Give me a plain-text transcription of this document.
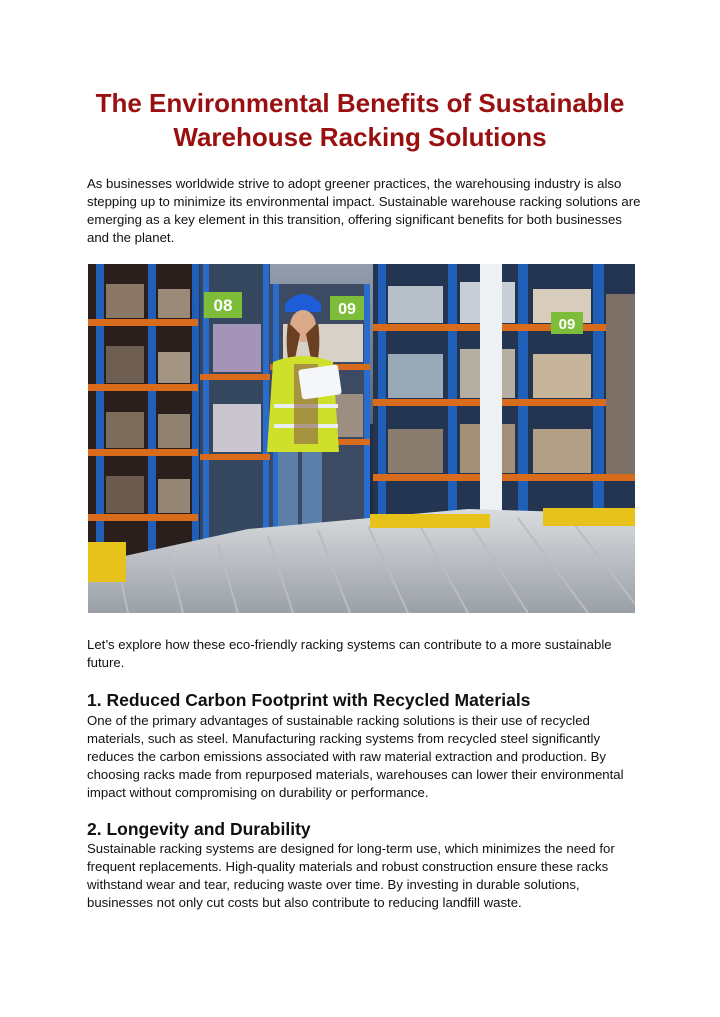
The Environmental Benefits of Sustainable
Warehouse Racking Solutions

As businesses worldwide strive to adopt greener practices, the warehousing industry is also stepping up to minimize its environmental impact. Sustainable warehouse racking solutions are emerging as a key element in this transition, offering significant benefits for both businesses and the planet.

08	09
09

Let’s explore how these eco-friendly racking systems can contribute to a more sustainable future.

1. Reduced Carbon Footprint with Recycled Materials

One of the primary advantages of sustainable racking solutions is their use of recycled materials, such as steel. Manufacturing racking systems from recycled steel significantly reduces the carbon emissions associated with raw material extraction and production. By choosing racks made from repurposed materials, warehouses can lower their environmental impact without compromising on durability or performance.

2. Longevity and Durability

Sustainable racking systems are designed for long-term use, which minimizes the need for frequent replacements. High-quality materials and robust construction ensure these racks withstand wear and tear, reducing waste over time. By investing in durable solutions, businesses not only cut costs but also contribute to reducing landfill waste.
